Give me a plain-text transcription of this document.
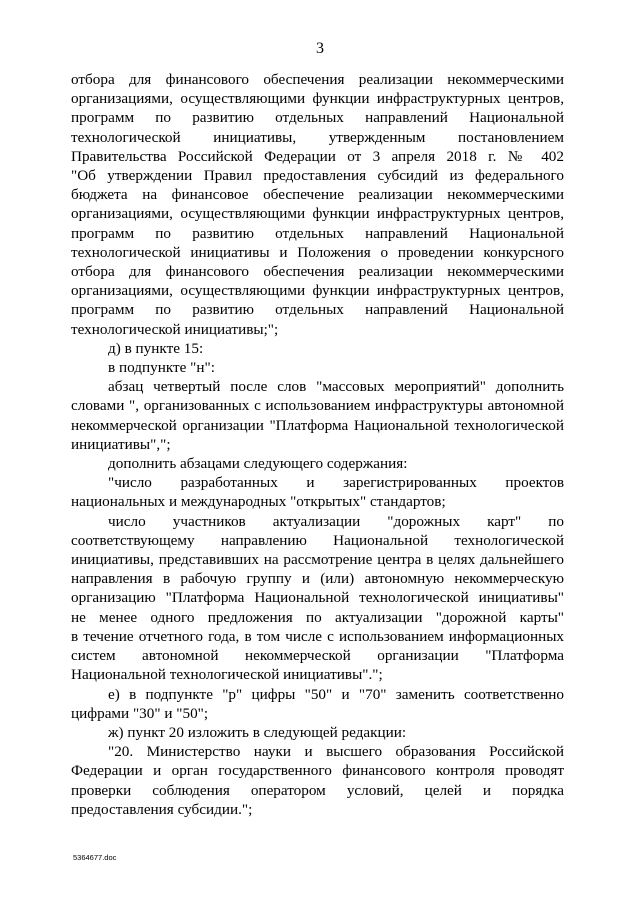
3

отбора для финансового обеспечения реализации некоммерческими

организациями, осуществляющими функции инфраструктурных центров,

программ по развитию отдельных направлений Национальной

технологической инициативы, утвержденным постановлением

Правительства Российской Федерации от 3 апреля 2018 г. № 402

"Об утверждении Правил предоставления субсидий из федерального

бюджета на финансовое обеспечение реализации некоммерческими

организациями, осуществляющими функции инфраструктурных центров,

программ по развитию отдельных направлений Национальной

технологической инициативы и Положения о проведении конкурсного

отбора для финансового обеспечения реализации некоммерческими

организациями, осуществляющими функции инфраструктурных центров,

программ по развитию отдельных направлений Национальной

технологической инициативы;";

д) в пункте 15:

в подпункте "н":

абзац четвертый после слов "массовых мероприятий" дополнить

словами ", организованных с использованием инфраструктуры автономной

некоммерческой организации "Платформа Национальной технологической

инициативы",";

дополнить абзацами следующего содержания:

"число разработанных и зарегистрированных проектов

национальных и международных "открытых" стандартов;

число участников актуализации "дорожных карт" по

соответствующему направлению Национальной технологической

инициативы, представивших на рассмотрение центра в целях дальнейшего

направления в рабочую группу и (или) автономную некоммерческую

организацию "Платформа Национальной технологической инициативы"

не менее одного предложения по актуализации "дорожной карты"

в течение отчетного года, в том числе с использованием информационных

систем автономной некоммерческой организации "Платформа

Национальной технологической инициативы".";

е) в подпункте "р" цифры "50" и "70" заменить соответственно

цифрами "30" и "50";

ж) пункт 20 изложить в следующей редакции:

"20. Министерство науки и высшего образования Российской

Федерации и орган государственного финансового контроля проводят

проверки соблюдения оператором условий, целей и порядка

предоставления субсидии.";

5364677.doc
